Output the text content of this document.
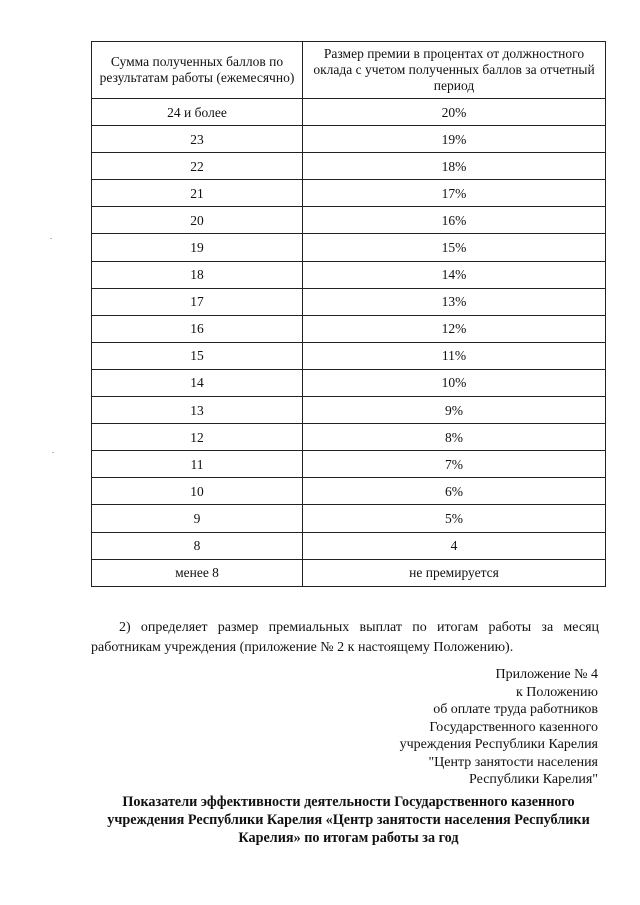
Сумма полученных баллов по результатам работы (ежемесячно)	Размер премии в процентах от должностного оклада с учетом полученных баллов за отчетный период
24 и более	20%
23	19%
22	18%
21	17%
20	16%
19	15%
18	14%
17	13%
16	12%
15	11%
14	10%
13	9%
12	8%
11	7%
10	6%
9	5%
8	4
менее 8	не премируется
2) определяет размер премиальных выплат по итогам работы за месяц
работникам учреждения (приложение № 2 к настоящему Положению).
Приложение № 4
к Положению
об оплате труда работников
Государственного казенного
учреждения Республики Карелия
"Центр занятости населения
Республики Карелия"
Показатели эффективности деятельности Государственного казенного
учреждения Республики Карелия «Центр занятости населения Республики
Карелия» по итогам работы за год
